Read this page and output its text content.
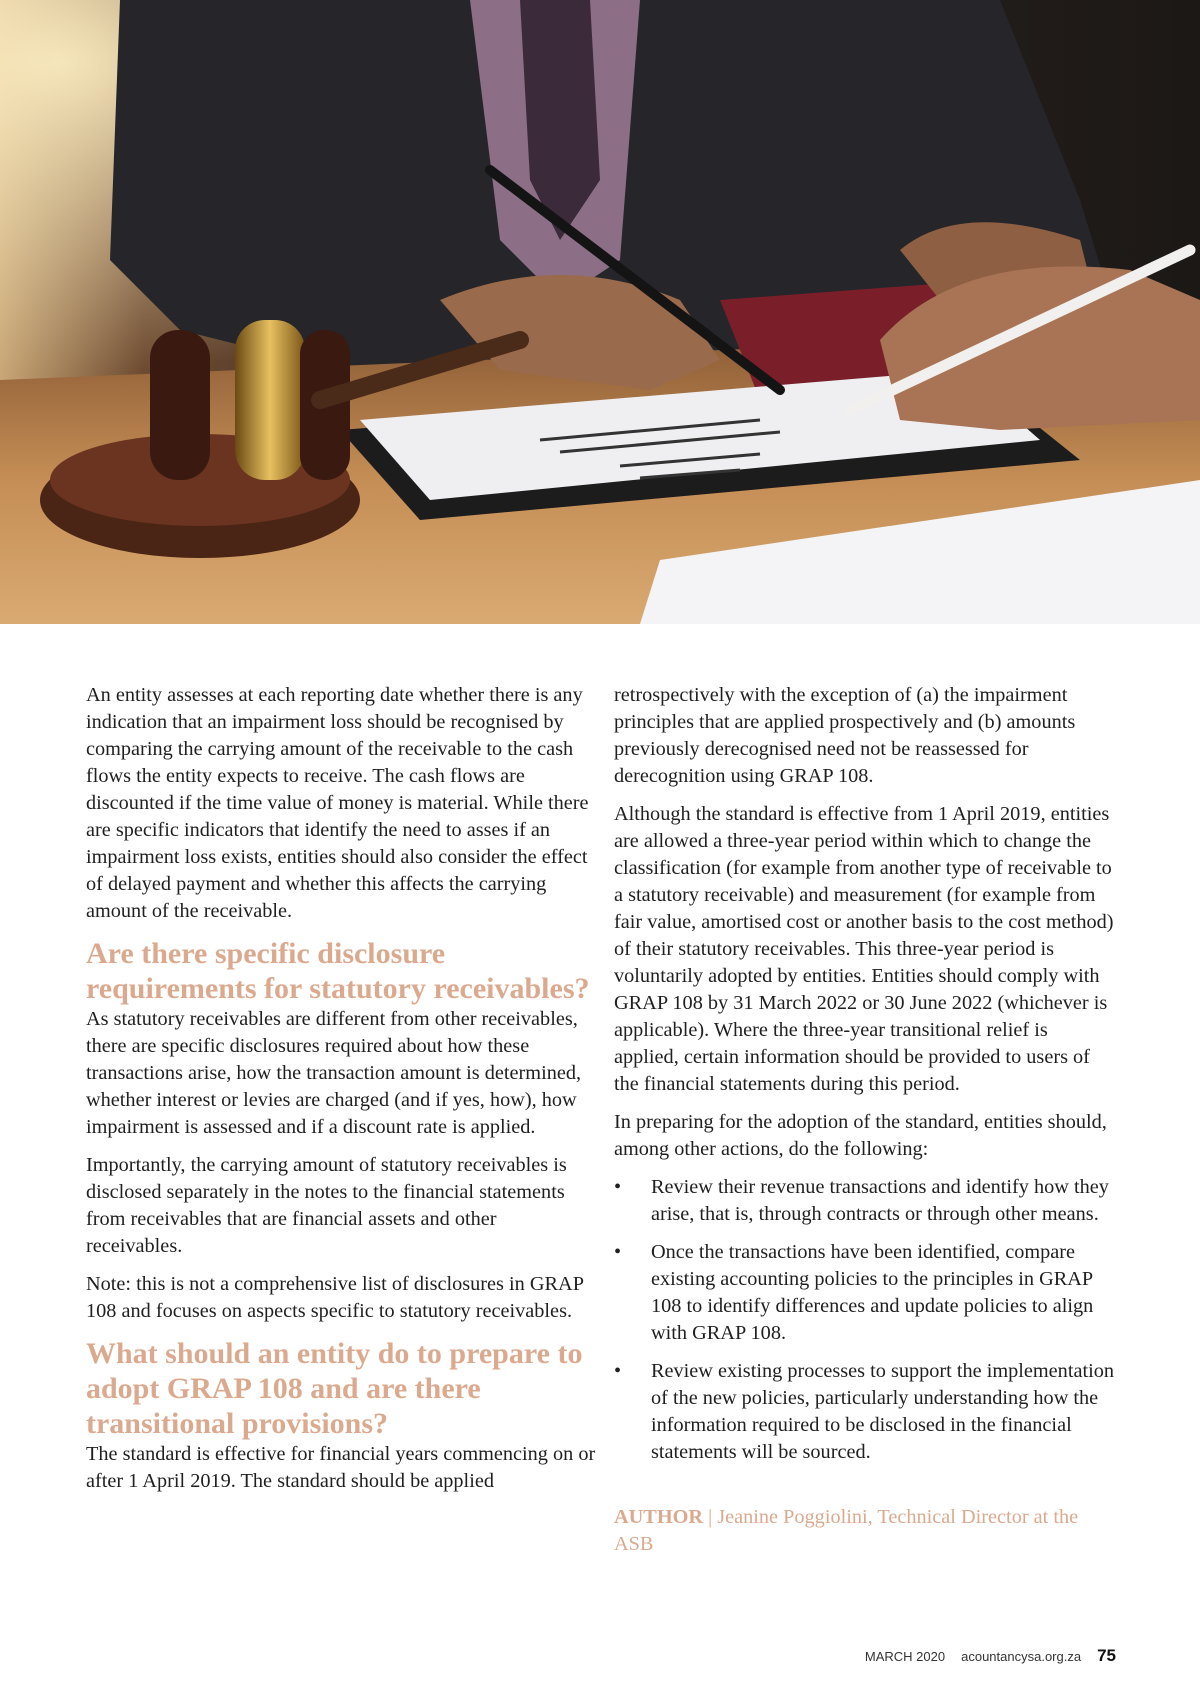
An entity assesses at each reporting date whether there is any indication that an impairment loss should be recognised by comparing the carrying amount of the receivable to the cash flows the entity expects to receive. The cash flows are discounted if the time value of money is material. While there are specific indicators that identify the need to asses if an impairment loss exists, entities should also consider the effect of delayed payment and whether this affects the carrying amount of the receivable.

Are there specific disclosure requirements for statutory receivables?

As statutory receivables are different from other receivables, there are specific disclosures required about how these transactions arise, how the transaction amount is determined, whether interest or levies are charged (and if yes, how), how impairment is assessed and if a discount rate is applied.

Importantly, the carrying amount of statutory receivables is disclosed separately in the notes to the financial statements from receivables that are financial assets and other receivables.

Note: this is not a comprehensive list of disclosures in GRAP 108 and focuses on aspects specific to statutory receivables.

What should an entity do to prepare to adopt GRAP 108 and are there transitional provisions?

The standard is effective for financial years commencing on or after 1 April 2019. The standard should be applied

retrospectively with the exception of (a) the impairment principles that are applied prospectively and (b) amounts previously derecognised need not be reassessed for derecognition using GRAP 108.

Although the standard is effective from 1 April 2019, entities are allowed a three-year period within which to change the classification (for example from another type of receivable to a statutory receivable) and measurement (for example from fair value, amortised cost or another basis to the cost method) of their statutory receivables. This three-year period is voluntarily adopted by entities. Entities should comply with GRAP 108 by 31 March 2022 or 30 June 2022 (whichever is applicable). Where the three-year transitional relief is applied, certain information should be provided to users of the financial statements during this period.

In preparing for the adoption of the standard, entities should, among other actions, do the following:

• Review their revenue transactions and identify how they arise, that is, through contracts or through other means.
• Once the transactions have been identified, compare existing accounting policies to the principles in GRAP 108 to identify differences and update policies to align with GRAP 108.
• Review existing processes to support the implementation of the new policies, particularly understanding how the information required to be disclosed in the financial statements will be sourced.

AUTHOR | Jeanine Poggiolini, Technical Director at the ASB

MARCH 2020 acountancysa.org.za 75
